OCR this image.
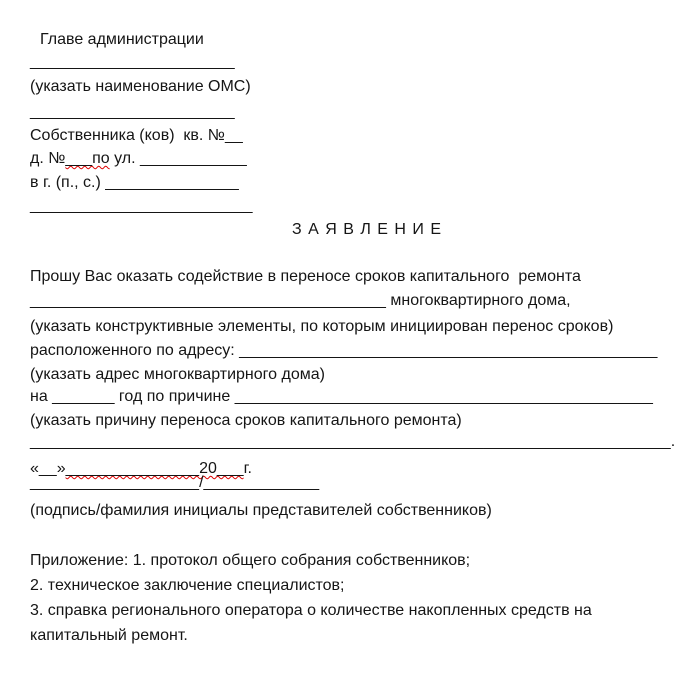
Главе администрации
_______________________
(указать наименование ОМС)
_______________________
Собственника (ков)  кв. №__
д. №___по ул. ____________
в г. (п., с.) _______________
_________________________
З А Я В Л Е Н И Е
Прошу Вас оказать содействие в переносе сроков капитального  ремонта
________________________________________ многоквартирного дома,
(указать конструктивные элементы, по которым инициирован перенос сроков)
расположенного по адресу: _______________________________________________
(указать адрес многоквартирного дома)
на _______ год по причине _______________________________________________
(указать причину переноса сроков капитального ремонта)
________________________________________________________________________.
«__»_______________20___г.
___________________/_____________
(подпись/фамилия инициалы представителей собственников)
Приложение: 1. протокол общего собрания собственников;
2. техническое заключение специалистов;
3. справка регионального оператора о количестве накопленных средств на
капитальный ремонт.
